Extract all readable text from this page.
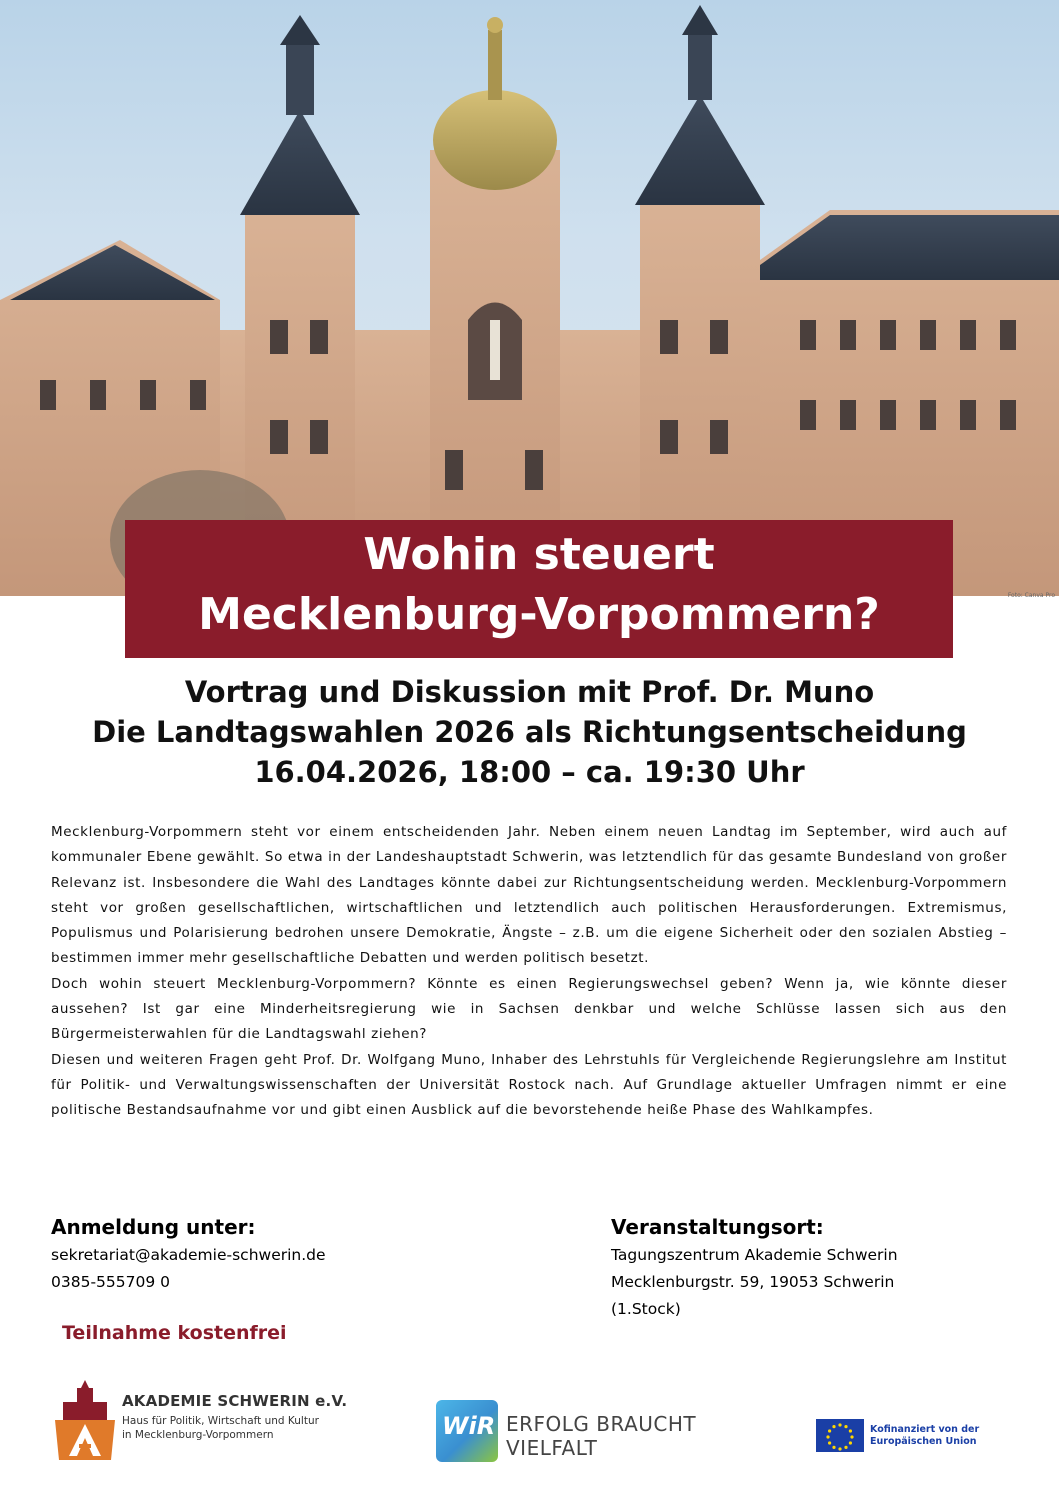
Foto: Canva Pro
Wohin steuert
Mecklenburg-Vorpommern?
Vortrag und Diskussion mit Prof. Dr. Muno
Die Landtagswahlen 2026 als Richtungsentscheidung
16.04.2026, 18:00 – ca. 19:30 Uhr

Mecklenburg-Vorpommern steht vor einem entscheidenden Jahr. Neben einem neuen Landtag im September, wird auch auf kommunaler Ebene gewählt. So etwa in der Landeshauptstadt Schwerin, was letztendlich für das gesamte Bundesland von großer Relevanz ist. Insbesondere die Wahl des Landtages könnte dabei zur Richtungsentscheidung werden. Mecklenburg-Vorpommern steht vor großen gesellschaftlichen, wirtschaftlichen und letztendlich auch politischen Herausforderungen. Extremismus, Populismus und Polarisierung bedrohen unsere Demokratie, Ängste – z.B. um die eigene Sicherheit oder den sozialen Abstieg – bestimmen immer mehr gesellschaftliche Debatten und werden politisch besetzt.

Doch wohin steuert Mecklenburg-Vorpommern? Könnte es einen Regierungswechsel geben? Wenn ja, wie könnte dieser aussehen? Ist gar eine Minderheitsregierung wie in Sachsen denkbar und welche Schlüsse lassen sich aus den Bürgermeisterwahlen für die Landtagswahl ziehen?

Diesen und weiteren Fragen geht Prof. Dr. Wolfgang Muno, Inhaber des Lehrstuhls für Vergleichende Regierungslehre am Institut für Politik- und Verwaltungswissenschaften der Universität Rostock nach. Auf Grundlage aktueller Umfragen nimmt er eine politische Bestandsaufnahme vor und gibt einen Ausblick auf die bevorstehende heiße Phase des Wahlkampfes.

Anmeldung unter:
sekretariat@akademie-schwerin.de
0385-555709 0
Veranstaltungsort:
Tagungszentrum Akademie Schwerin
Mecklenburgstr. 59, 19053 Schwerin
(1.Stock)
Teilnahme kostenfrei
AKADEMIE SCHWERIN e.V.
Haus für Politik, Wirtschaft und Kultur
in Mecklenburg-Vorpommern	WiR ERFOLG BRAUCHT
VIELFALT
Kofinanziert von der
Europäischen Union
